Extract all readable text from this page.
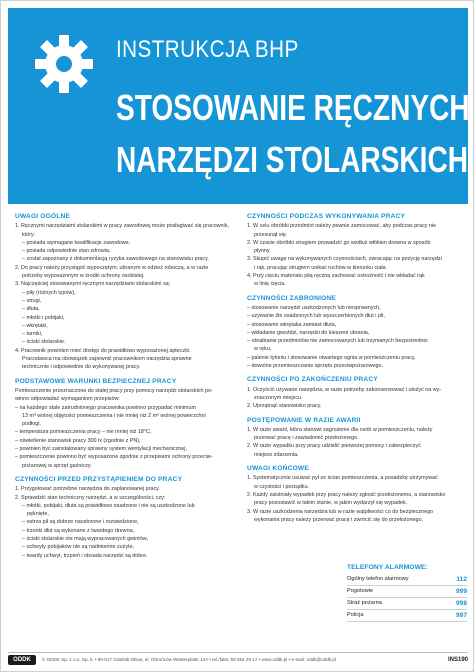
INSTRUKCJA BHP
STOSOWANIE RĘCZNYCH
NARZĘDZI STOLARSKICH
UWAGI OGÓLNE

1. Ręcznymi narzędziami stolarskimi w pracy zawodowej może posługiwać się pracownik,

który:

– posiada wymagane kwalifikacje zawodowe,

– posiada odpowiednie stan zdrowia,

– został zapoznany z dokumentacją ryzyka zawodowego na stanowisku pracy.

2. Do pracy należy przystąpić wypoczętym, ubranym w odzież roboczą, a w razie

potrzeby wyposażonym w środki ochrony osobistej.

3. Najczęściej stosowanymi ręcznymi narzędziami stolarskimi są:

– piły (różnych typów),

– strugi,

– dłuta,

– młotki i pobijaki,

– wkrętaki,

– tarniki,

– ściski stolarskie.

4. Pracownik powinien mieć dostęp do prawidłowo wyposażonej apteczki.

Pracodawca ma obowiązek zapewnić pracownikom narzędzia sprawne

technicznie i odpowiednie do wykonywanej pracy.

PODSTAWOWE WARUNKI BEZPIECZNEJ PRACY

Pomieszczenie przeznaczone do stałej pracy przy pomocy narzędzi stolarskich po-

winno odpowiadać wymaganiom przepisów:

– na każdego stale zatrudnionego pracownika powinno przypadać minimum

13 m³ wolnej objętości pomieszczenia i nie mniej niż 2 m² wolnej powierzchni

podłogi,

– temperatura pomieszczenia pracy – nie mniej niż 18°C,

– oświetlenie stanowisk pracy 300 lx (zgodnie z PN),

– powinien być zainstalowany sprawny system wentylacji mechanicznej,

– pomieszczenie powinno być wyposażone zgodnie z przepisami ochrony przeciw-

pożarowej w sprzęt gaśniczy.

CZYNNOŚCI PRZED PRZYSTĄPIENIEM DO PRACY

1. Przygotować potrzebne narzędzia do zaplanowanej pracy.

2. Sprawdzić stan techniczny narzędzi, a w szczególności, czy:

– młotki, pobijaki, dłuta są prawidłowo osadzone i nie są uszkodzone lub

pęknięte,

– ostrza pił są dobrze naostrzone i rozwiedzione,

– trzonki dłut są wykonane z twardego drewna,

– ściski stolarskie nie mają wypracowanych gwintów,

– uchwyty pobijaków nie są nadmiernie zużyte,

– twardy uchwyt, trzpień i obsada narzędzi są dobre.

CZYNNOŚCI PODCZAS WYKONYWANIA PRACY

1. W celu obróbki przedmiot należy pewnie zamocować, aby podczas pracy nie

przesunął się.

2. W czasie obróbki strugiem prowadzić go wzdłuż włókien drewna w sposób

płynny.

3. Skupić uwagę na wykonywanych czynnościach, zwracając na pozycję narzędzi

i rąk, pracując strugiem unikać ruchów w kierunku ciała.

4. Przy cięciu materiału piłą ręczną zachować ostrożność i nie wkładać rąk

w linię cięcia.

CZYNNOŚCI ZABRONIONE

– stosowanie narzędzi uszkodzonych lub niesprawnych,

– używanie źle osadzonych lub wyszczerbionych dłut i pił,

– stosowanie wkrętaka zamiast dłuta,

– wkładanie gwoździ, narzędzi do kieszeni ubrania,

– obrabianie przedmiotów nie zamocowanych lub trzymanych bezpośrednio

w ręku,

– palenie tytoniu i stosowanie otwartego ognia w pomieszczeniu pracy,

– dowolne przemieszczanie sprzętu przeciwpożarowego.

CZYNNOŚCI PO ZAKOŃCZENIU PRACY

1. Oczyścić używane narzędzia, w razie potrzeby zakonserwować i ułożyć na wy-

znaczonym miejscu.

2. Uprzątnąć stanowisko pracy.

POSTĘPOWANIE W RAZIE AWARII

1. W razie awarii, która stanowi zagrożenie dla osób w pomieszczeniu, należy

przerwać pracę i zawiadomić przełożonego.

2. W razie wypadku przy pracy udzielić pierwszej pomocy i zabezpieczyć

miejsce zdarzenia.

UWAGI KOŃCOWE

1. Systematycznie usuwać pył ze ścian pomieszczenia, a posadzkę utrzymywać

w czystości i porządku.

2. Każdy zaistniały wypadek przy pracy należy zgłosić przełożonemu, a stanowisko

pracy pozostawić w takim stanie, w jakim wydarzył się wypadek.

3. W razie uszkodzenia narzędzia lub w razie wątpliwości co do bezpiecznego

wykonania pracy należy przerwać pracę i zwrócić się do przełożonego.

TELEFONY ALARMOWE:
Ogólny telefon alarmowy	112
Pogotowie	999
Straż pożarna	998
Policja	997
ODDK	© ODDK Sp. z o.o. Sp. k. • 80-017 Gdańsk-Oliwa, ul. Obrońców Westerplatte 12A • tel./faks: 58 554 29 17 • www.oddk.pl • e-mail: oddk@oddk.pl	INS190
